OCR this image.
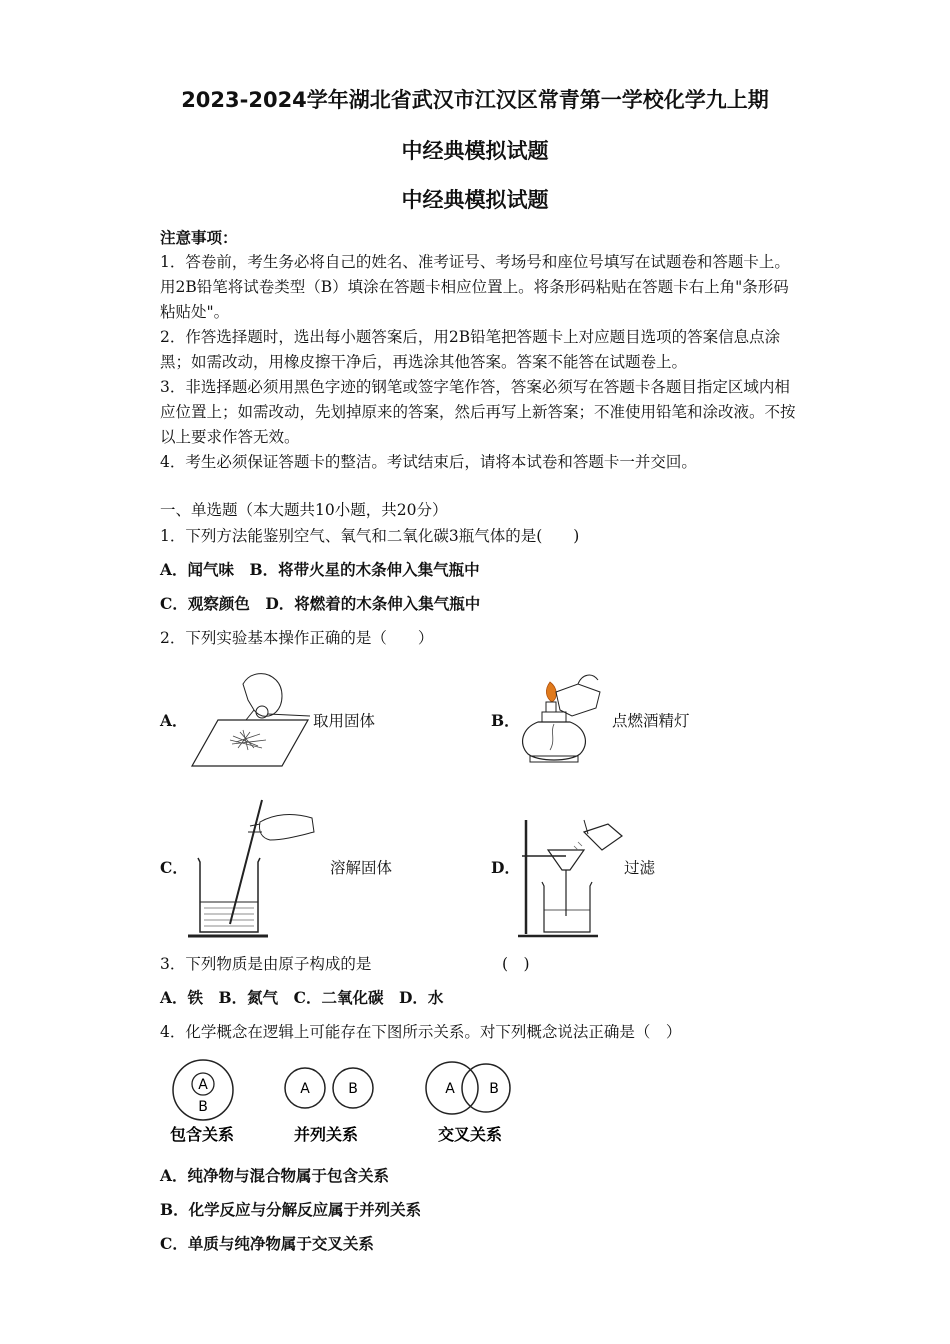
2023-2024学年湖北省武汉市江汉区常青第一学校化学九上期
中经典模拟试题
中经典模拟试题
注意事项：

1．答卷前，考生务必将自己的姓名、准考证号、考场号和座位号填写在试题卷和答题卡上。用2B铅笔将试卷类型（B）填涂在答题卡相应位置上。将条形码粘贴在答题卡右上角"条形码粘贴处"。

2．作答选择题时，选出每小题答案后，用2B铅笔把答题卡上对应题目选项的答案信息点涂黑；如需改动，用橡皮擦干净后，再选涂其他答案。答案不能答在试题卷上。

3．非选择题必须用黑色字迹的钢笔或签字笔作答，答案必须写在答题卡各题目指定区域内相应位置上；如需改动，先划掉原来的答案，然后再写上新答案；不准使用铅笔和涂改液。不按以上要求作答无效。

4．考生必须保证答题卡的整洁。考试结束后，请将本试卷和答题卡一并交回。

一、单选题（本大题共10小题，共20分）
1．下列方法能鉴别空气、氧气和二氧化碳3瓶气体的是(　　)
A．闻气味　B．将带火星的木条伸入集气瓶中
C．观察颜色　D．将燃着的木条伸入集气瓶中
2．下列实验基本操作正确的是（　　）
A．	取用固体	B．	点燃酒精灯
C．	溶解固体	D．	过滤
3．下列物质是由原子构成的是	(　)
A．铁　B．氮气　C．二氧化碳　D．水
4．化学概念在逻辑上可能存在下图所示关系。对下列概念说法正确是（　）
A
B
包含关系
A	B
并列关系
A B
交叉关系
A．纯净物与混合物属于包含关系
B．化学反应与分解反应属于并列关系
C．单质与纯净物属于交叉关系
